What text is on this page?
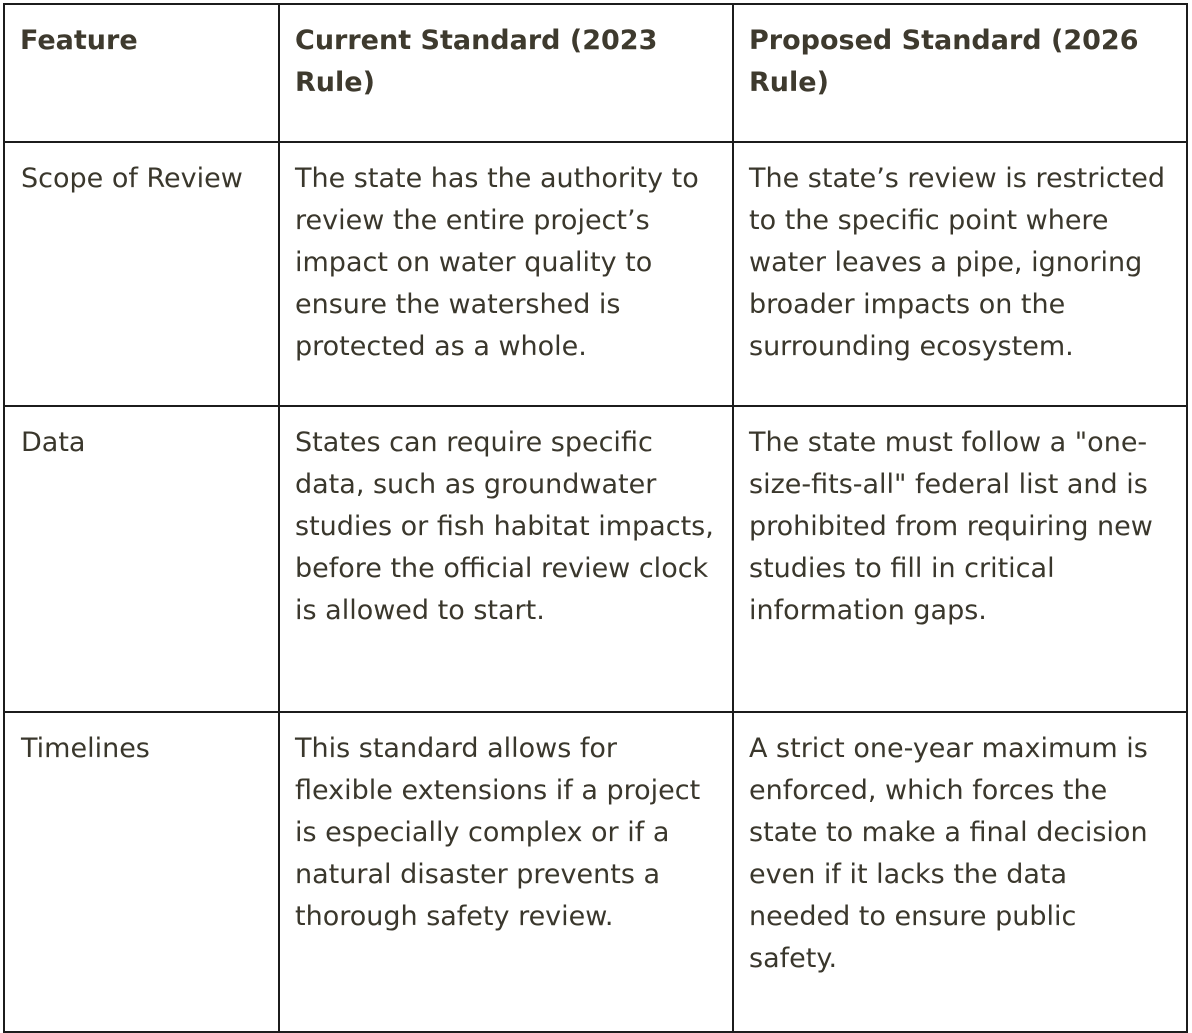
Feature	Current Standard (2023 Rule)	Proposed Standard (2026 Rule)
Scope of Review	The state has the authority to review the entire project’s impact on water quality to ensure the watershed is protected as a whole.	The state’s review is restricted to the specific point where water leaves a pipe, ignoring broader impacts on the surrounding ecosystem.
Data	States can require specific data, such as groundwater studies or fish habitat impacts, before the official review clock is allowed to start.	The state must follow a "one-size-fits-all" federal list and is prohibited from requiring new studies to fill in critical information gaps.
Timelines	This standard allows for flexible extensions if a project is especially complex or if a natural disaster prevents a thorough safety review.	A strict one-year maximum is enforced, which forces the state to make a final decision even if it lacks the data needed to ensure public safety.
